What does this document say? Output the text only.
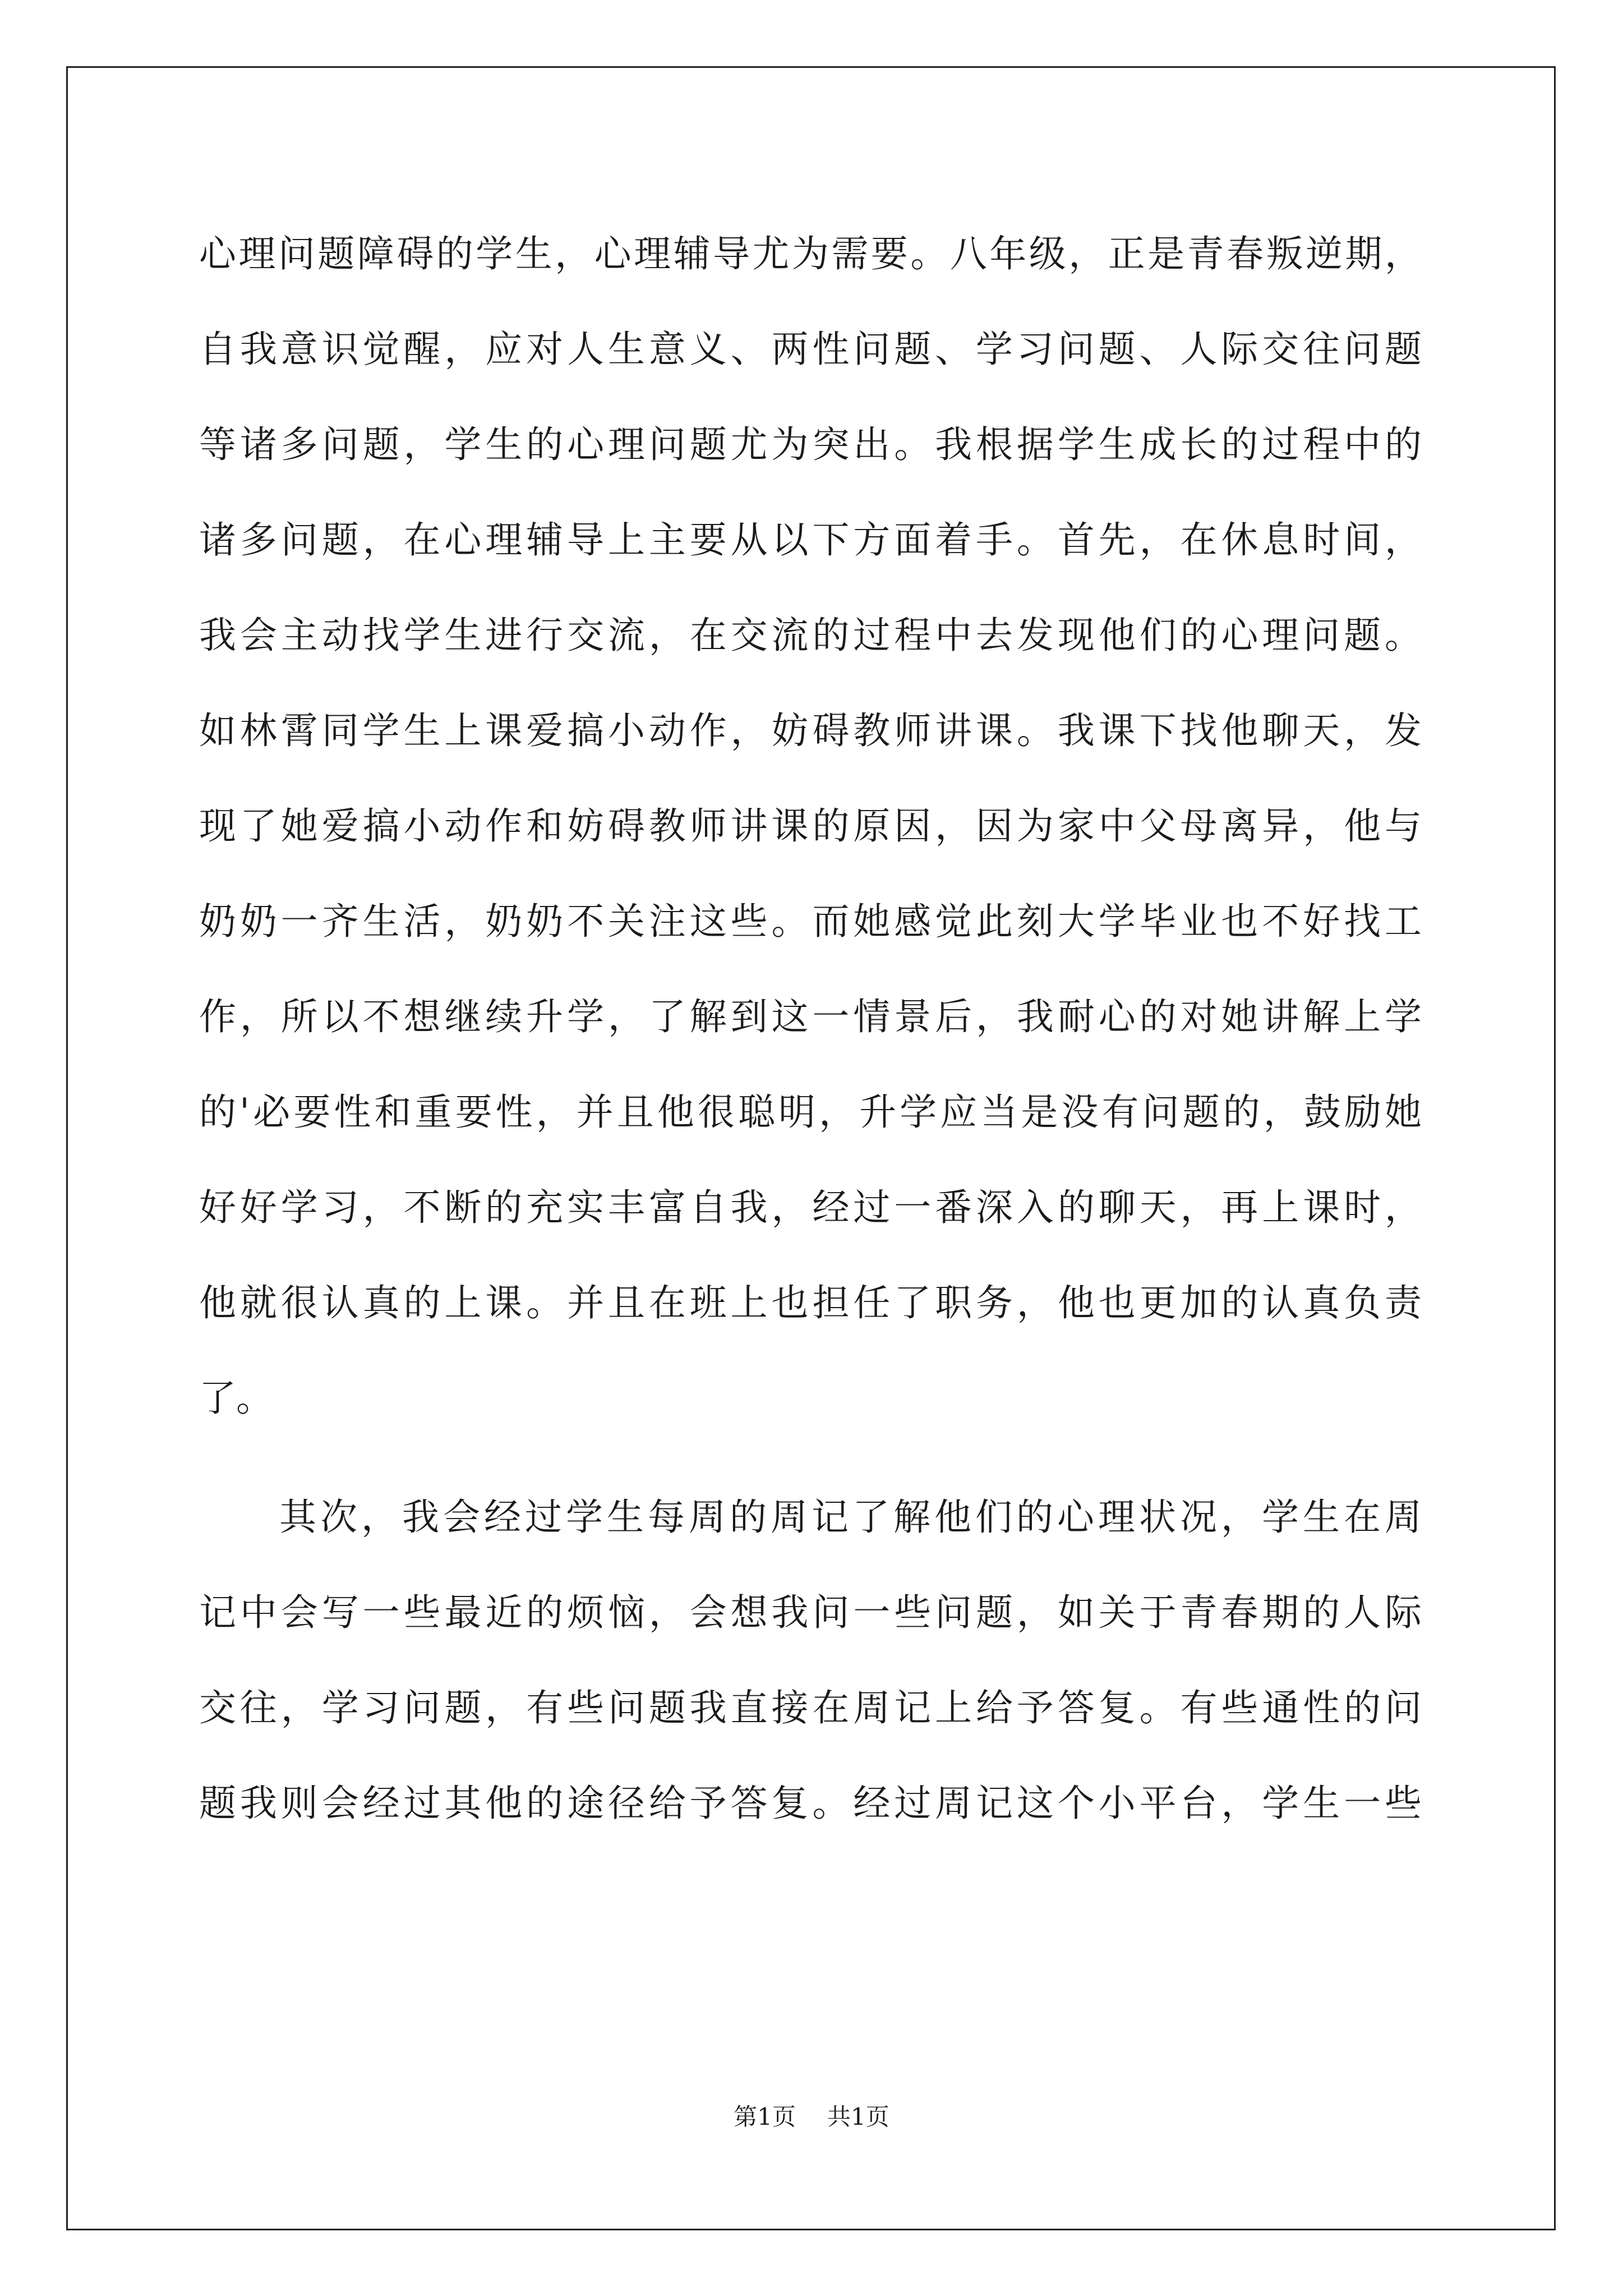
心理问题障碍的学生，心理辅导尤为需要。八年级，正是青春叛逆期，
自我意识觉醒，应对人生意义、两性问题、学习问题、人际交往问题
等诸多问题，学生的心理问题尤为突出。我根据学生成长的过程中的
诸多问题，在心理辅导上主要从以下方面着手。首先，在休息时间，
我会主动找学生进行交流，在交流的过程中去发现他们的心理问题。
如林霄同学生上课爱搞小动作，妨碍教师讲课。我课下找他聊天，发
现了她爱搞小动作和妨碍教师讲课的原因，因为家中父母离异，他与
奶奶一齐生活，奶奶不关注这些。而她感觉此刻大学毕业也不好找工
作，所以不想继续升学，了解到这一情景后，我耐心的对她讲解上学
的'必要性和重要性，并且他很聪明，升学应当是没有问题的，鼓励她
好好学习，不断的充实丰富自我，经过一番深入的聊天，再上课时，
他就很认真的上课。并且在班上也担任了职务，他也更加的认真负责
了。
其次，我会经过学生每周的周记了解他们的心理状况，学生在周
记中会写一些最近的烦恼，会想我问一些问题，如关于青春期的人际
交往，学习问题，有些问题我直接在周记上给予答复。有些通性的问
题我则会经过其他的途径给予答复。经过周记这个小平台，学生一些
第1页 共1页
